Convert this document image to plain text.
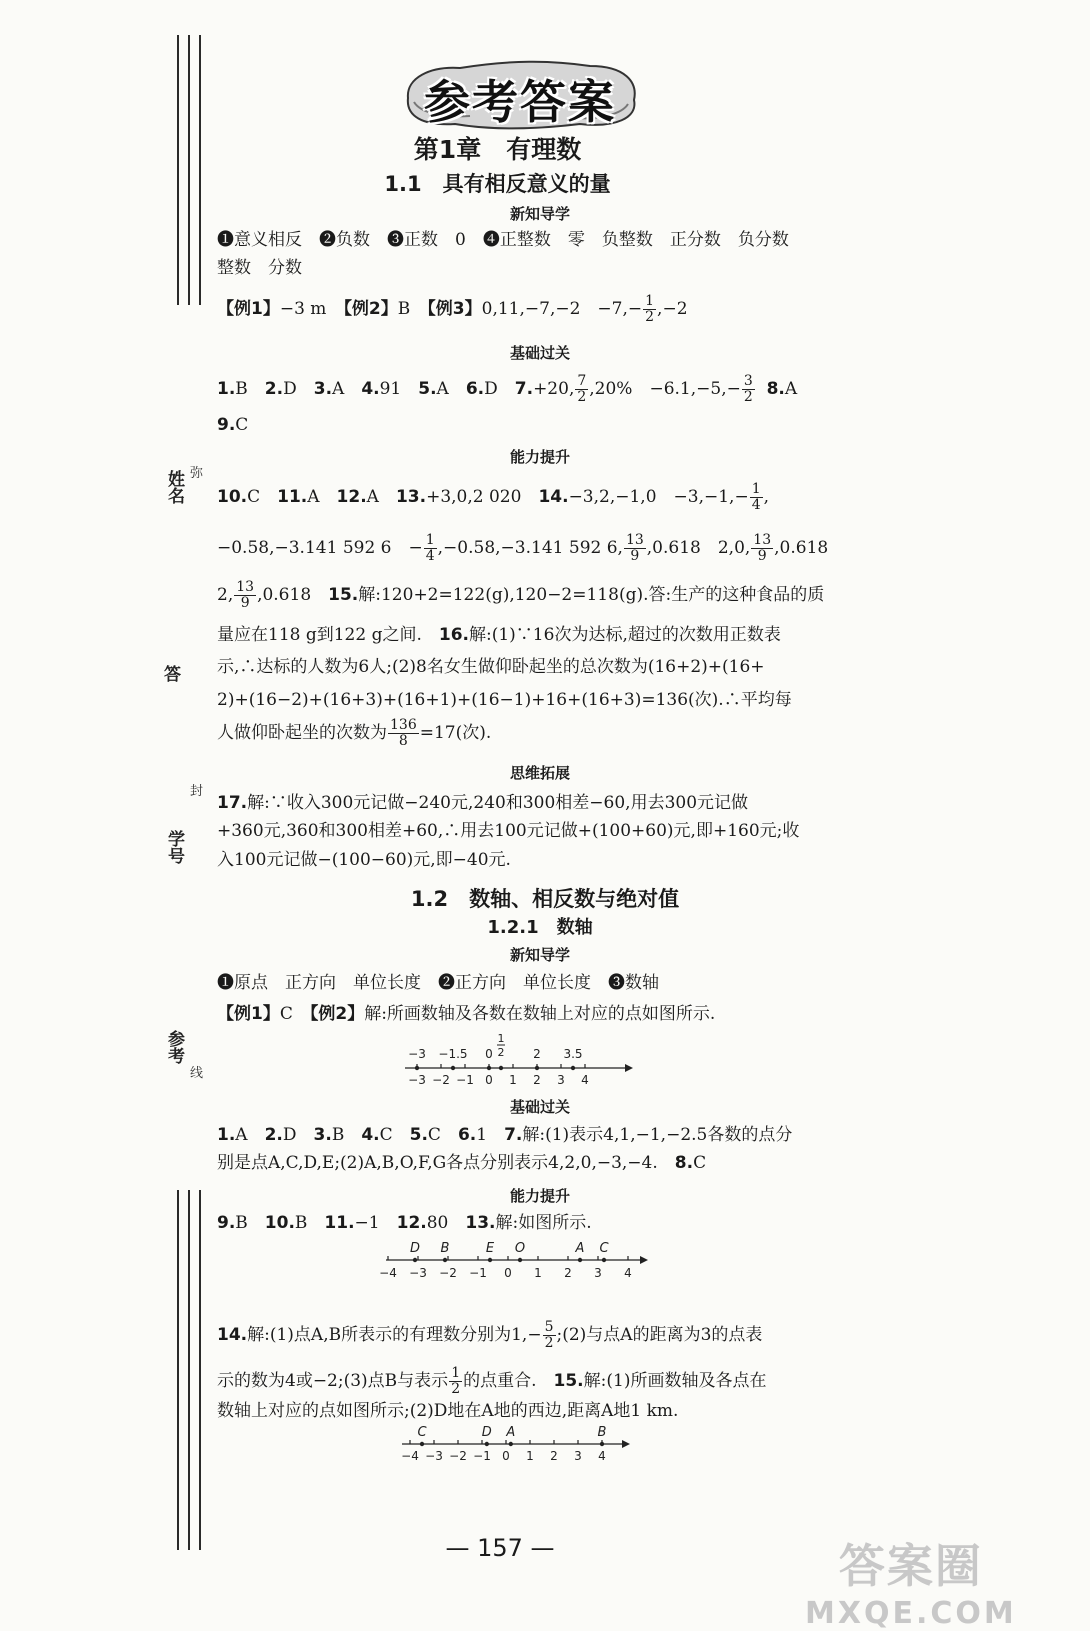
姓名
答
学号
参考
弥
封
线
参考答案
第1章　有理数
1.1　具有相反意义的量
新知导学
❶意义相反　❷负数　❸正数　0　❹正整数　零　负整数　正分数　负分数
整数　分数
【例1】−3 m　【例2】B　【例3】0,11,−7,−2　$-7,- \frac{1}{2} ,-2$
基础过关
1.B　2.D　3.A　4.91　5.A　6.D　7.+20, $\frac{7}{2} ,20\%$　$-6.1,-5,- \frac{3}{2} 8.A$
9.C
能力提升
10.C　11.A　12.A　13.+3,0,2 020　14.−3,2,−1,0　$-3,-1,- \frac{1}{4}$ ,
−0.58,−3.141 592 6　− $\frac{1}{4} ,-0.58,-3.141$ 592 6, $\frac{13}{9} ,0.618$　2,0, $\frac{13}{9} ,0.618$
2, $\frac{13}{9} ,0.618$　15.解:120+2=122(g),120−2=118(g).答:生产的这种食品的质
量应在118 g到122 g之间.　16.解:(1)∵16次为达标,超过的次数用正数表
示,∴达标的人数为6人;(2)8名女生做仰卧起坐的总次数为(16+2)+(16+
2)+(16−2)+(16+3)+(16+1)+(16−1)+16+(16+3)=136(次).∴平均每
人做仰卧起坐的次数为 $\frac{136}{8} =17$(次).
思维拓展
17.解:∵收入300元记做−240元,240和300相差−60,用去300元记做
+360元,360和300相差+60,∴用去100元记做+(100+60)元,即+160元;收
入100元记做−(100−60)元,即−40元.
1.2　数轴、相反数与绝对值
1.2.1　数轴
新知导学
❶原点　正方向　单位长度　❷正方向　单位长度　❸数轴
【例1】C　【例2】解:所画数轴及各数在数轴上对应的点如图所示.
−3 −2 −1 0 1 2 3 4
−3 −1.5 0	2 3.5
1
2
基础过关
1.A　2.D　3.B　4.C　5.C　6.1　7.解:(1)表示4,1,−1,−2.5各数的点分
别是点A,C,D,E;(2)A,B,O,F,G各点分别表示4,2,0,−3,−4.　8.C
能力提升
9.B　10.B　11.−1　12.80　13.解:如图所示.
−4 −3 −2 −1 0 1 2 3 4
D B	E O	A C
14.解:(1)点A,B所表示的有理数分别为$1,- \frac{5}{2}$ ;(2)与点A的距离为3的点表
示的数为4或−2;(3)点B与表示 $\frac{1}{2}$ 的点重合.　15.解:(1)所画数轴及各点在
数轴上对应的点如图所示;(2)D地在A地的西边,距离A地1 km.
−4 −3 −2 −1 0 1 2 3 4
C	D A	B
— 157 —	答案圈
MXQE.COM
